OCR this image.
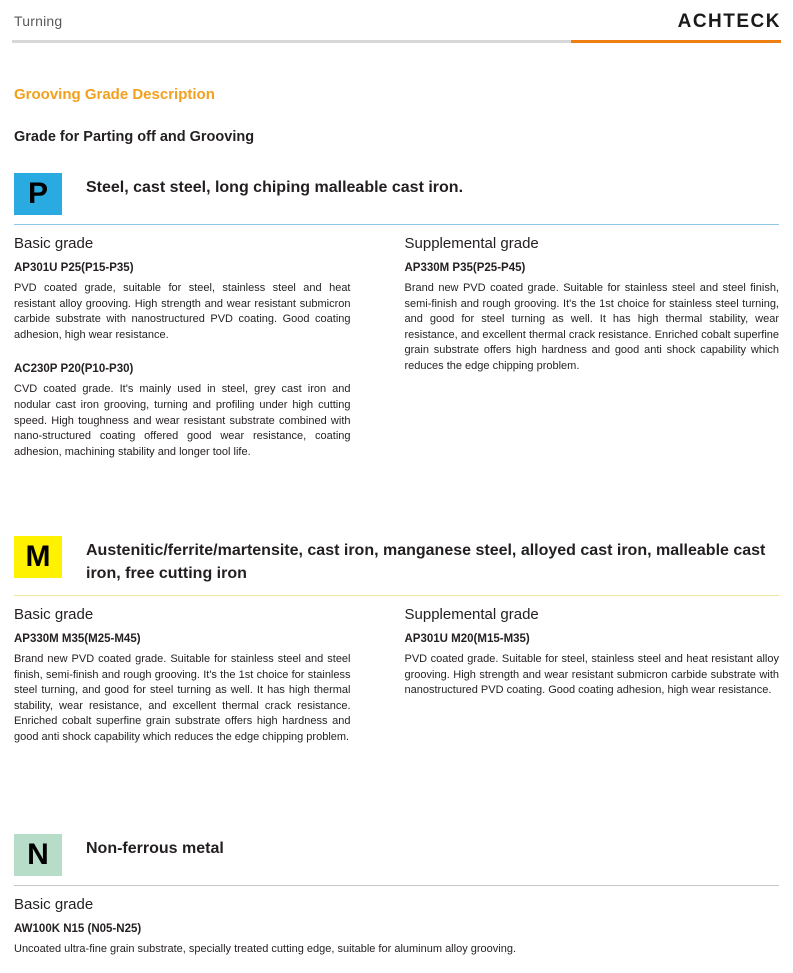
Turning	ACHTECK
Grooving Grade Description
Grade for Parting off and Grooving
P	Steel, cast steel, long chiping malleable cast iron.
Basic grade
AP301U P25(P15-P35)

PVD coated grade, suitable for steel, stainless steel and heat resistant alloy grooving. High strength and wear resistant submicron carbide substrate with nanostructured PVD coating. Good coating adhesion, high wear resistance.

AC230P P20(P10-P30)

CVD coated grade. It's mainly used in steel, grey cast iron and nodular cast iron grooving, turning and profiling under high cutting speed. High toughness and wear resistant substrate combined with nano-structured coating offered good wear resistance, coating adhesion, machining stability and longer tool life.

Supplemental grade
AP330M P35(P25-P45)

Brand new PVD coated grade. Suitable for stainless steel and steel finish, semi-finish and rough grooving. It's the 1st choice for stainless steel turning, and good for steel turning as well. It has high thermal stability, wear resistance, and excellent thermal crack resistance. Enriched cobalt superfine grain substrate offers high hardness and good anti shock capability which reduces the edge chipping problem.

M	Austenitic/ferrite/martensite, cast iron, manganese steel, alloyed cast iron, malleable cast iron, free cutting iron
Basic grade
AP330M M35(M25-M45)

Brand new PVD coated grade. Suitable for stainless steel and steel finish, semi-finish and rough grooving. It's the 1st choice for stainless steel turning, and good for steel turning as well. It has high thermal stability, wear resistance, and excellent thermal crack resistance. Enriched cobalt superfine grain substrate offers high hardness and good anti shock capability which reduces the edge chipping problem.

Supplemental grade
AP301U M20(M15-M35)

PVD coated grade. Suitable for steel, stainless steel and heat resistant alloy grooving. High strength and wear resistant submicron carbide substrate with nanostructured PVD coating. Good coating adhesion, high wear resistance.

N	Non-ferrous metal
Basic grade
AW100K N15 (N05-N25)

Uncoated ultra-fine grain substrate, specially treated cutting edge, suitable for aluminum alloy grooving.
